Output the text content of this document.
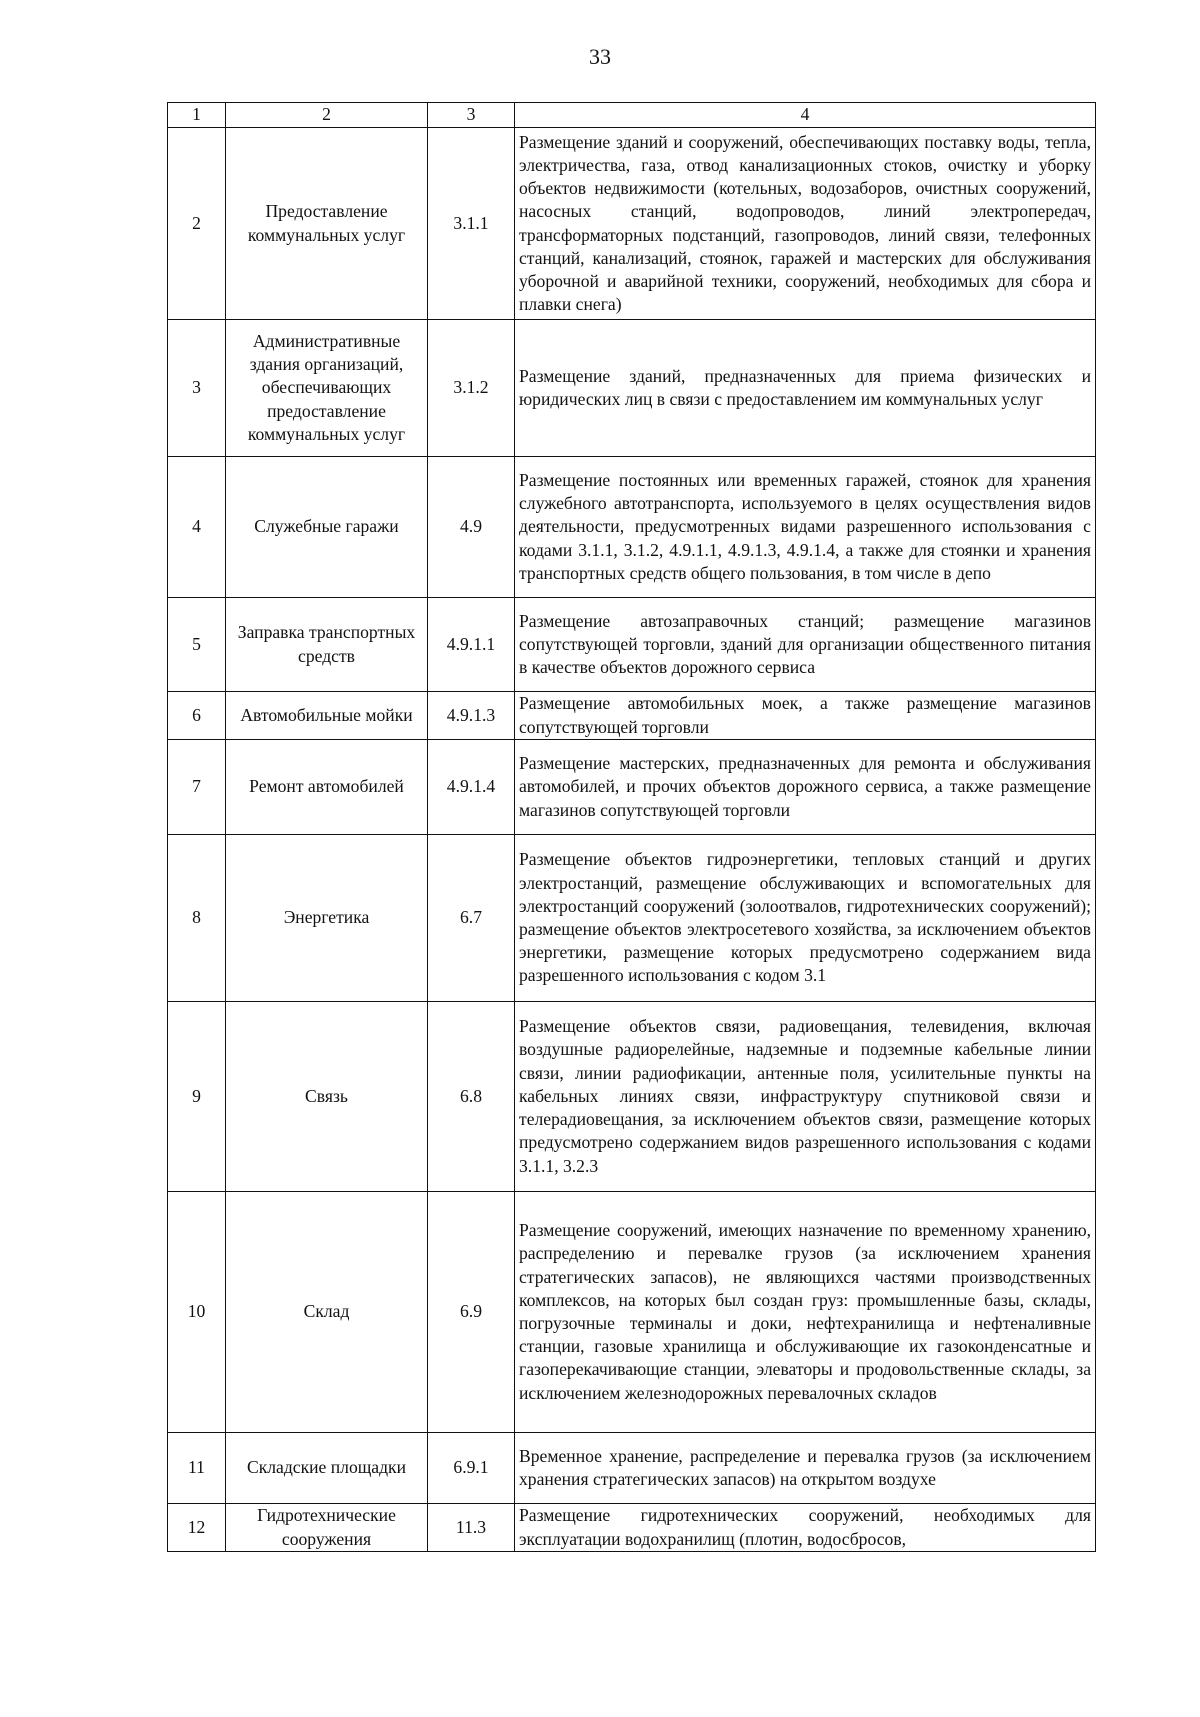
33
1	2	3	4
2	Предоставление коммунальных услуг	3.1.1	Размещение зданий и сооружений, обеспечивающих поставку воды, тепла, электричества, газа, отвод канализационных стоков, очистку и уборку объектов недвижимости (котельных, водозаборов, очистных сооружений, насосных станций, водопроводов, линий электропередач, трансформаторных подстанций, газопроводов, линий связи, телефонных станций, канализаций, стоянок, гаражей и мастерских для обслуживания уборочной и аварийной техники, сооружений, необходимых для сбора и плавки снега)
3	Административные здания организаций, обеспечивающих предоставление коммунальных услуг	3.1.2	Размещение зданий, предназначенных для приема физических и юридических лиц в связи с предоставлением им коммунальных услуг
4	Служебные гаражи	4.9	Размещение постоянных или временных гаражей, стоянок для хранения служебного автотранспорта, используемого в целях осуществления видов деятельности, предусмотренных видами разрешенного использования с кодами 3.1.1, 3.1.2, 4.9.1.1, 4.9.1.3, 4.9.1.4, а также для стоянки и хранения транспортных средств общего пользования, в том числе в депо
5	Заправка транспортных средств	4.9.1.1	Размещение автозаправочных станций; размещение магазинов сопутствующей торговли, зданий для организации общественного питания в качестве объектов дорожного сервиса
6	Автомобильные мойки	4.9.1.3	Размещение автомобильных моек, а также размещение магазинов сопутствующей торговли
7	Ремонт автомобилей	4.9.1.4	Размещение мастерских, предназначенных для ремонта и обслуживания автомобилей, и прочих объектов дорожного сервиса, а также размещение магазинов сопутствующей торговли
8	Энергетика	6.7	Размещение объектов гидроэнергетики, тепловых станций и других электростанций, размещение обслуживающих и вспомогательных для электростанций сооружений (золоотвалов, гидротехнических сооружений); размещение объектов электросетевого хозяйства, за исключением объектов энергетики, размещение которых предусмотрено содержанием вида разрешенного использования с кодом 3.1
9	Связь	6.8	Размещение объектов связи, радиовещания, телевидения, включая воздушные радиорелейные, надземные и подземные кабельные линии связи, линии радиофикации, антенные поля, усилительные пункты на кабельных линиях связи, инфраструктуру спутниковой связи и телерадиовещания, за исключением объектов связи, размещение которых предусмотрено содержанием видов разрешенного использования с кодами 3.1.1, 3.2.3
10	Склад	6.9	Размещение сооружений, имеющих назначение по временному хранению, распределению и перевалке грузов (за исключением хранения стратегических запасов), не являющихся частями производственных комплексов, на которых был создан груз: промышленные базы, склады, погрузочные терминалы и доки, нефтехранилища и нефтеналивные станции, газовые хранилища и обслуживающие их газоконденсатные и газоперекачивающие станции, элеваторы и продовольственные склады, за исключением железнодорожных перевалочных складов
11	Складские площадки	6.9.1	Временное хранение, распределение и перевалка грузов (за исключением хранения стратегических запасов) на открытом воздухе
12	Гидротехнические сооружения	11.3	Размещение гидротехнических сооружений, необходимых для эксплуатации водохранилищ (плотин, водосбросов,
